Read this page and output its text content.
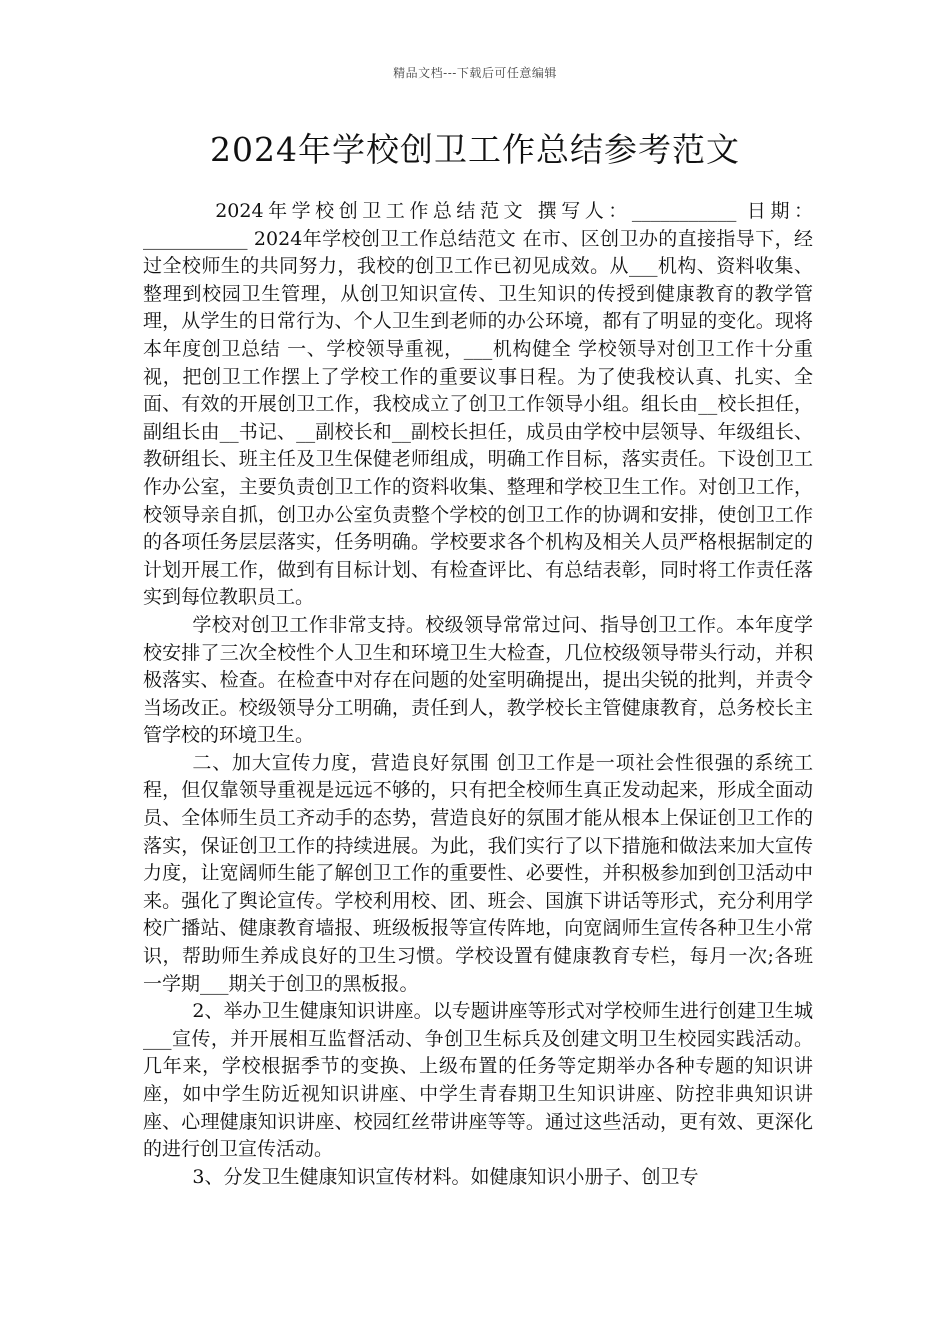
精品文档---下载后可任意编辑
2024年学校创卫工作总结参考范文

2024年学校创卫工作总结范文 撰写人：___________ 日期：___________ 2024年学校创卫工作总结范文 在市、区创卫办的直接指导下，经过全校师生的共同努力，我校的创卫工作已初见成效。从___机构、资料收集、整理到校园卫生管理，从创卫知识宣传、卫生知识的传授到健康教育的教学管理，从学生的日常行为、个人卫生到老师的办公环境，都有了明显的变化。现将本年度创卫总结 一、学校领导重视，___机构健全 学校领导对创卫工作十分重视，把创卫工作摆上了学校工作的重要议事日程。为了使我校认真、扎实、全面、有效的开展创卫工作，我校成立了创卫工作领导小组。组长由__校长担任，副组长由__书记、__副校长和__副校长担任，成员由学校中层领导、年级组长、教研组长、班主任及卫生保健老师组成，明确工作目标，落实责任。下设创卫工作办公室，主要负责创卫工作的资料收集、整理和学校卫生工作。对创卫工作，校领导亲自抓，创卫办公室负责整个学校的创卫工作的协调和安排，使创卫工作的各项任务层层落实，任务明确。学校要求各个机构及相关人员严格根据制定的计划开展工作，做到有目标计划、有检查评比、有总结表彰，同时将工作责任落实到每位教职员工。

学校对创卫工作非常支持。校级领导常常过问、指导创卫工作。本年度学校安排了三次全校性个人卫生和环境卫生大检查，几位校级领导带头行动，并积极落实、检查。在检查中对存在问题的处室明确提出，提出尖锐的批判，并责令当场改正。校级领导分工明确，责任到人，教学校长主管健康教育，总务校长主管学校的环境卫生。

二、加大宣传力度，营造良好氛围 创卫工作是一项社会性很强的系统工程，但仅靠领导重视是远远不够的，只有把全校师生真正发动起来，形成全面动员、全体师生员工齐动手的态势，营造良好的氛围才能从根本上保证创卫工作的落实，保证创卫工作的持续进展。为此，我们实行了以下措施和做法来加大宣传力度，让宽阔师生能了解创卫工作的重要性、必要性，并积极参加到创卫活动中来。强化了舆论宣传。学校利用校、团、班会、国旗下讲话等形式，充分利用学校广播站、健康教育墙报、班级板报等宣传阵地，向宽阔师生宣传各种卫生小常识，帮助师生养成良好的卫生习惯。学校设置有健康教育专栏，每月一次;各班一学期___期关于创卫的黑板报。

2、举办卫生健康知识讲座。以专题讲座等形式对学校师生进行创建卫生城___宣传，并开展相互监督活动、争创卫生标兵及创建文明卫生校园实践活动。几年来，学校根据季节的变换、上级布置的任务等定期举办各种专题的知识讲座，如中学生防近视知识讲座、中学生青春期卫生知识讲座、防控非典知识讲座、心理健康知识讲座、校园红丝带讲座等等。通过这些活动，更有效、更深化的进行创卫宣传活动。

3、分发卫生健康知识宣传材料。如健康知识小册子、创卫专
